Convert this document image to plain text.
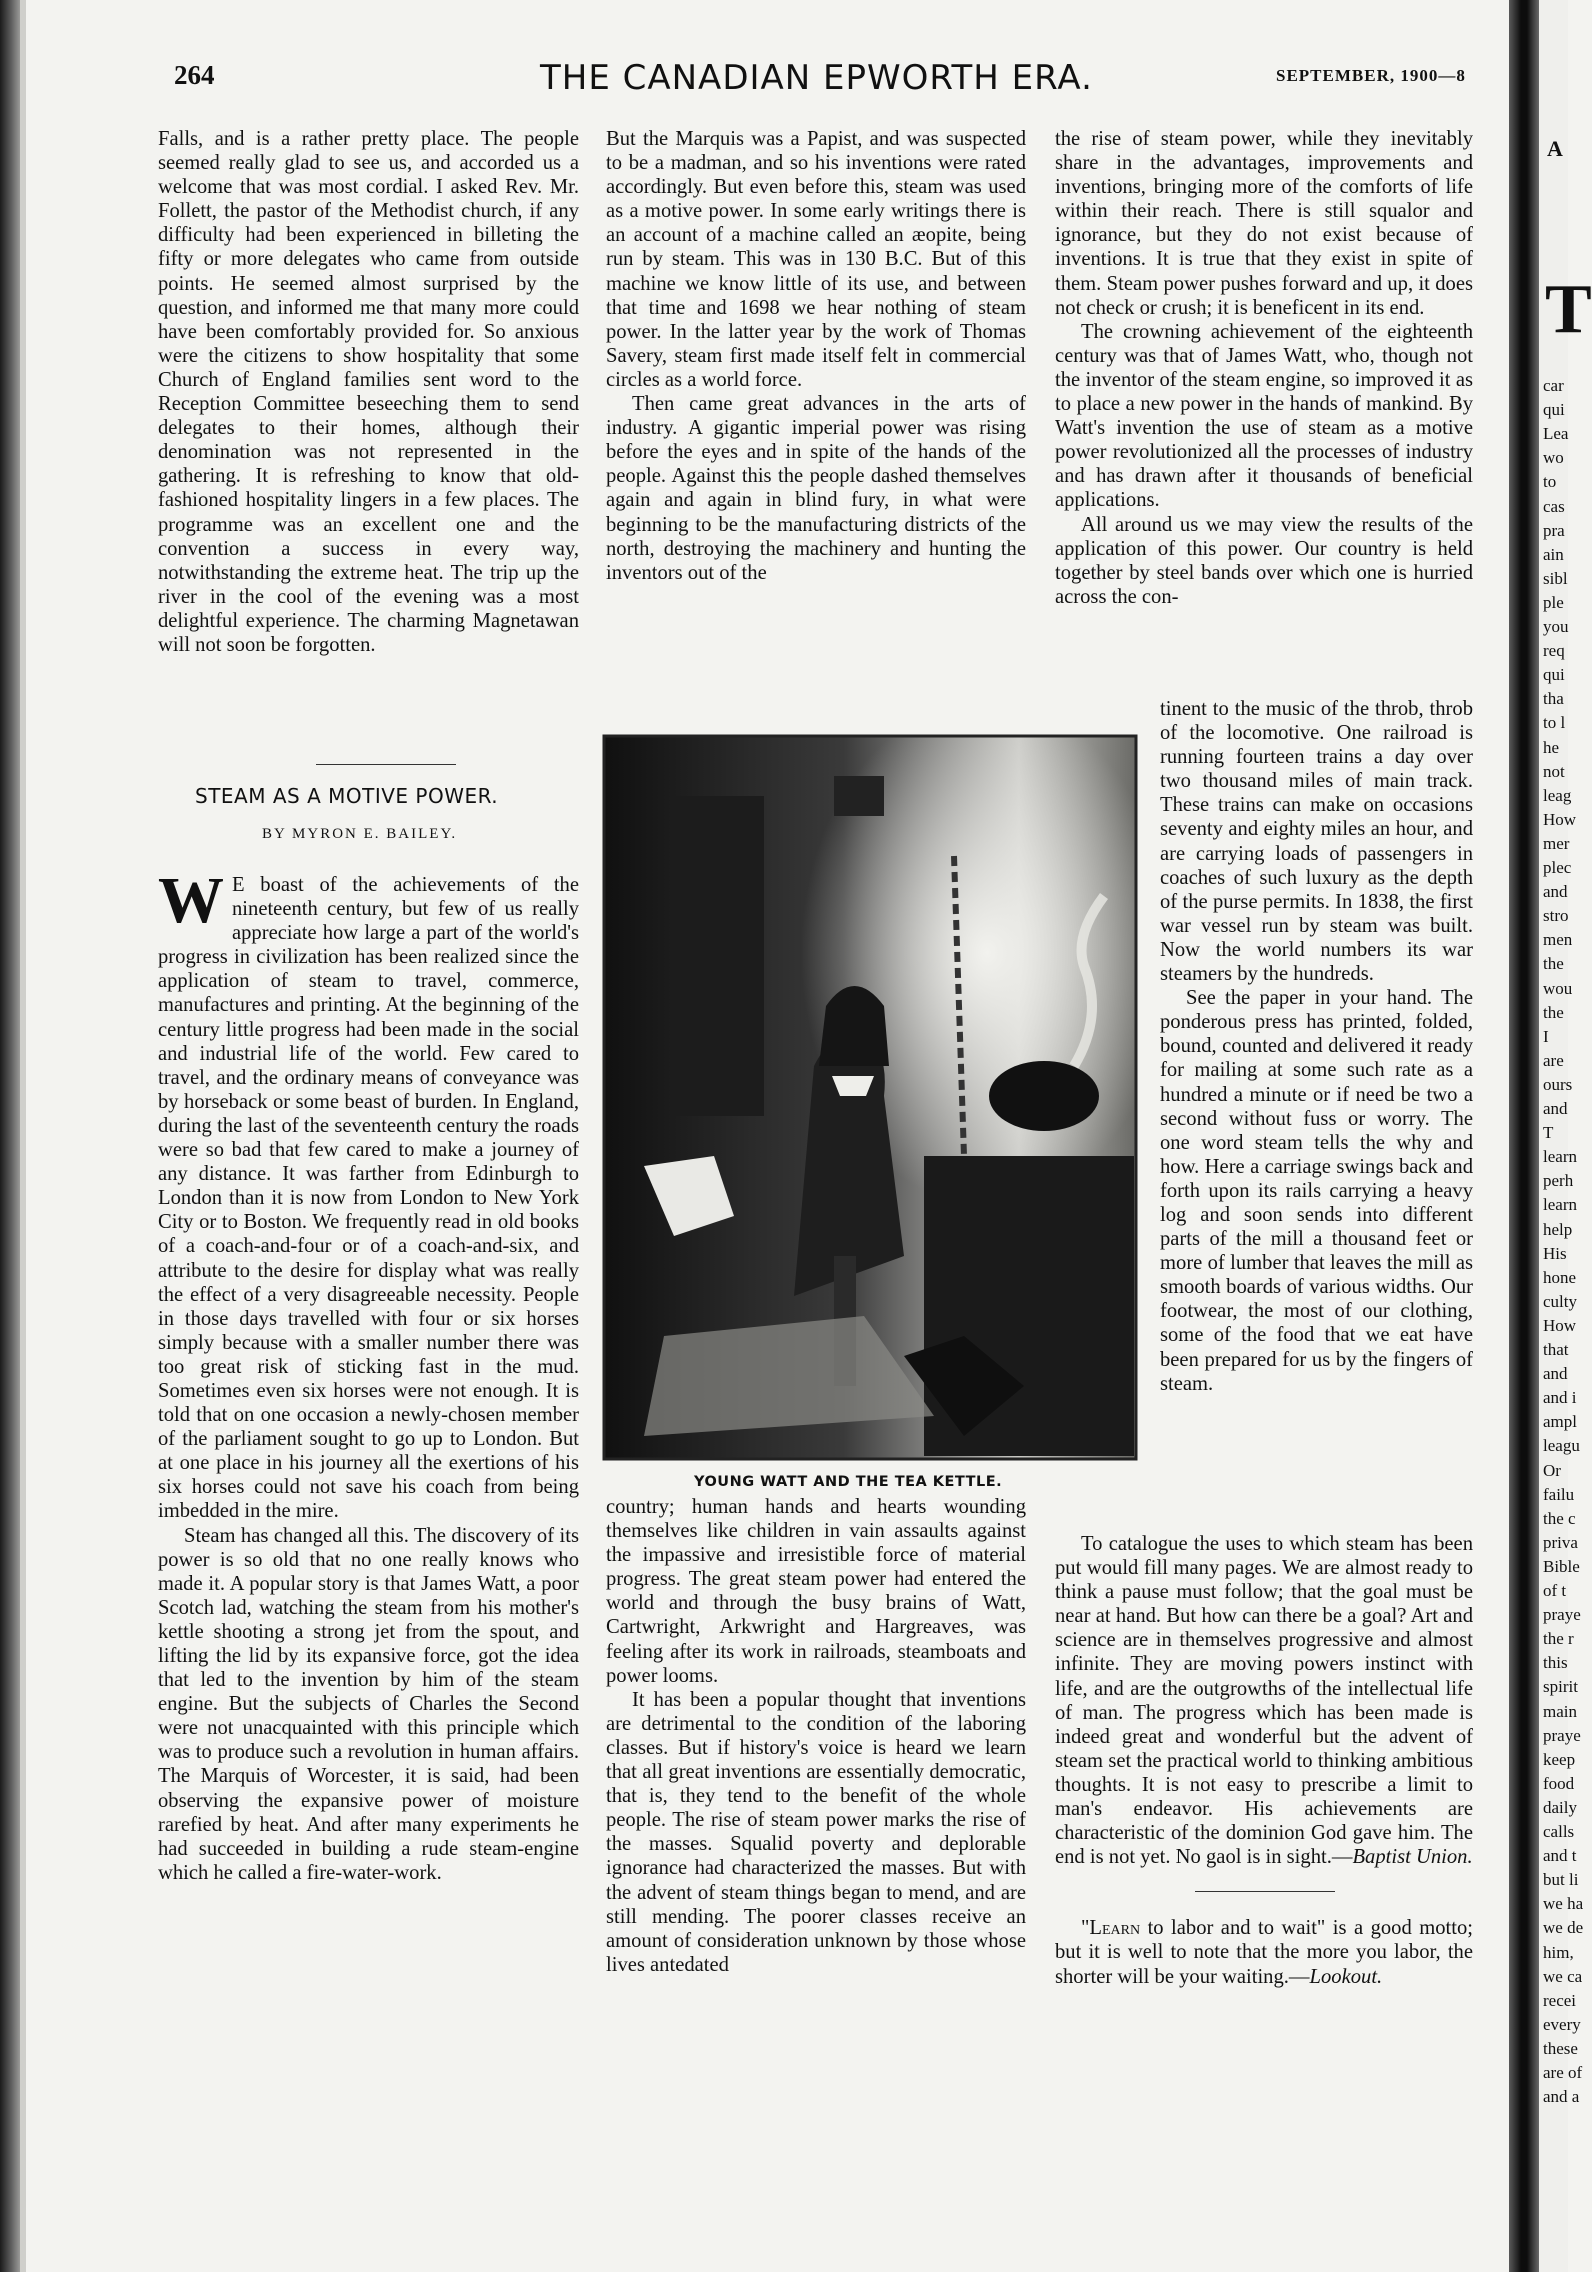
A
T
car
qui
Lea
wo
to
cas
pra
ain
sibl
ple
you
req
qui
tha
to l
he
not
leag
How
mer
plec
and
stro
men
the
wou
the
I
are
ours
and
T
learn
perh
learn
help
His
hone
culty
How
that
and
and i
ampl
leagu
Or
failu
the c
priva
Bible
of t
praye
the r
this
spirit
main
praye
keep
food
daily
calls
and t
but li
we ha
we de
him,
we ca
recei
every
these
are of
and a
264	THE CANADIAN EPWORTH ERA.	SEPTEMBER, 1900—8

Falls, and is a rather pretty place. The people seemed really glad to see us, and accorded us a welcome that was most cordial. I asked Rev. Mr. Follett, the pastor of the Methodist church, if any difficulty had been experienced in billeting the fifty or more delegates who came from outside points. He seemed almost surprised by the question, and informed me that many more could have been comfortably provided for. So anxious were the citizens to show hospitality that some Church of England families sent word to the Reception Committee beseeching them to send delegates to their homes, although their denomination was not represented in the gathering. It is refreshing to know that old-fashioned hospitality lingers in a few places. The programme was an excellent one and the convention a success in every way, notwithstanding the extreme heat. The trip up the river in the cool of the evening was a most delightful experience. The charming Magnetawan will not soon be forgotten.

STEAM AS A MOTIVE POWER.
BY MYRON E. BAILEY.

W E boast of the achievements of the nineteenth century, but few of us really appreciate how large a part of the world's progress in civilization has been realized since the application of steam to travel, commerce, manufactures and printing. At the beginning of the century little progress had been made in the social and industrial life of the world. Few cared to travel, and the ordinary means of conveyance was by horseback or some beast of burden. In England, during the last of the seventeenth century the roads were so bad that few cared to make a journey of any distance. It was farther from Edinburgh to London than it is now from London to New York City or to Boston. We frequently read in old books of a coach-and-four or of a coach-and-six, and attribute to the desire for display what was really the effect of a very disagreeable necessity. People in those days travelled with four or six horses simply because with a smaller number there was too great risk of sticking fast in the mud. Sometimes even six horses were not enough. It is told that on one occasion a newly-chosen member of the parliament sought to go up to London. But at one place in his journey all the exertions of his six horses could not save his coach from being imbedded in the mire.

Steam has changed all this. The discovery of its power is so old that no one really knows who made it. A popular story is that James Watt, a poor Scotch lad, watching the steam from his mother's kettle shooting a strong jet from the spout, and lifting the lid by its expansive force, got the idea that led to the invention by him of the steam engine. But the subjects of Charles the Second were not unacquainted with this principle which was to produce such a revolution in human affairs. The Marquis of Worcester, it is said, had been observing the expansive power of moisture rarefied by heat. And after many experiments he had succeeded in building a rude steam-engine which he called a fire-water-work.

But the Marquis was a Papist, and was suspected to be a madman, and so his inventions were rated accordingly. But even before this, steam was used as a motive power. In some early writings there is an account of a machine called an æopite, being run by steam. This was in 130 B.C. But of this machine we know little of its use, and between that time and 1698 we hear nothing of steam power. In the latter year by the work of Thomas Savery, steam first made itself felt in commercial circles as a world force.

Then came great advances in the arts of industry. A gigantic imperial power was rising before the eyes and in spite of the hands of the people. Against this the people dashed themselves again and again in blind fury, in what were beginning to be the manufacturing districts of the north, destroying the machinery and hunting the inventors out of the

YOUNG WATT AND THE TEA KETTLE.

country; human hands and hearts wounding themselves like children in vain assaults against the impassive and irresistible force of material progress. The great steam power had entered the world and through the busy brains of Watt, Cartwright, Arkwright and Hargreaves, was feeling after its work in railroads, steamboats and power looms.

It has been a popular thought that inventions are detrimental to the condition of the laboring classes. But if history's voice is heard we learn that all great inventions are essentially democratic, that is, they tend to the benefit of the whole people. The rise of steam power marks the rise of the masses. Squalid poverty and deplorable ignorance had characterized the masses. But with the advent of steam things began to mend, and are still mending. The poorer classes receive an amount of consideration unknown by those whose lives antedated

the rise of steam power, while they inevitably share in the advantages, improvements and inventions, bringing more of the comforts of life within their reach. There is still squalor and ignorance, but they do not exist because of inventions. It is true that they exist in spite of them. Steam power pushes forward and up, it does not check or crush; it is beneficent in its end.

The crowning achievement of the eighteenth century was that of James Watt, who, though not the inventor of the steam engine, so improved it as to place a new power in the hands of mankind. By Watt's invention the use of steam as a motive power revolutionized all the processes of industry and has drawn after it thousands of beneficial applications.

All around us we may view the results of the application of this power. Our country is held together by steel bands over which one is hurried across the con-

tinent to the music of the throb, throb of the locomotive. One railroad is running fourteen trains a day over two thousand miles of main track. These trains can make on occasions seventy and eighty miles an hour, and are carrying loads of passengers in coaches of such luxury as the depth of the purse permits. In 1838, the first war vessel run by steam was built. Now the world numbers its war steamers by the hundreds.

See the paper in your hand. The ponderous press has printed, folded, bound, counted and delivered it ready for mailing at some such rate as a hundred a minute or if need be two a second without fuss or worry. The one word steam tells the why and how. Here a carriage swings back and forth upon its rails carrying a heavy log and soon sends into different parts of the mill a thousand feet or more of lumber that leaves the mill as smooth boards of various widths. Our footwear, the most of our clothing, some of the food that we eat have been prepared for us by the fingers of steam.

To catalogue the uses to which steam has been put would fill many pages. We are almost ready to think a pause must follow; that the goal must be near at hand. But how can there be a goal? Art and science are in themselves progressive and almost infinite. They are moving powers instinct with life, and are the outgrowths of the intellectual life of man. The progress which has been made is indeed great and wonderful but the advent of steam set the practical world to thinking ambitious thoughts. It is not easy to prescribe a limit to man's endeavor. His achievements are characteristic of the dominion God gave him. The end is not yet. No gaol is in sight.—Baptist Union.

"Learn to labor and to wait" is a good motto; but it is well to note that the more you labor, the shorter will be your waiting.—Lookout.
